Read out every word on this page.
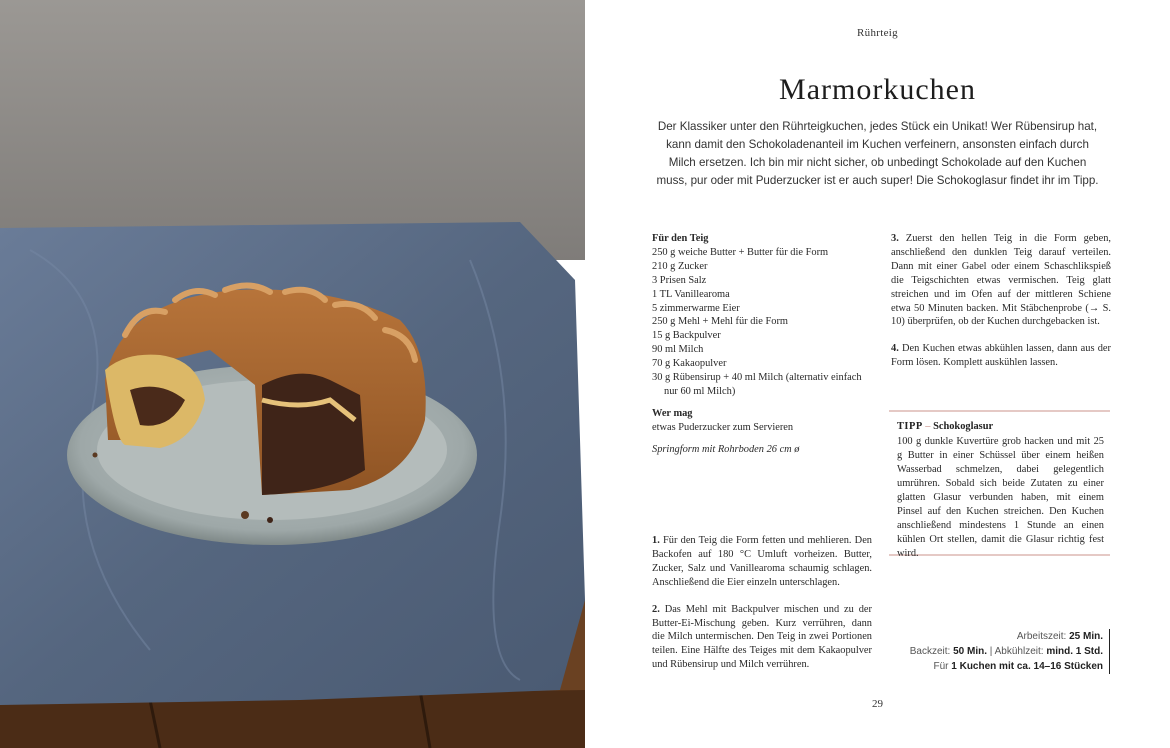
Rührteig
Marmorkuchen

Der Klassiker unter den Rührteigkuchen, jedes Stück ein Unikat! Wer Rübensirup hat, kann damit den Schokoladenanteil im Kuchen verfeinern, ansonsten einfach durch Milch ersetzen. Ich bin mir nicht sicher, ob unbedingt Schokolade auf den Kuchen muss, pur oder mit Puderzucker ist er auch super! Die Schokoglasur findet ihr im Tipp.

Für den Teig
250 g weiche Butter + Butter für die Form
210 g Zucker
3 Prisen Salz
1 TL Vanillearoma
5 zimmerwarme Eier
250 g Mehl + Mehl für die Form
15 g Backpulver
90 ml Milch
70 g Kakaopulver
30 g Rübensirup + 40 ml Milch (alternativ einfach nur 60 ml Milch)
Wer mag
etwas Puderzucker zum Servieren
Springform mit Rohrboden 26 cm ø

1. Für den Teig die Form fetten und mehlieren. Den Backofen auf 180 °C Umluft vorheizen. Butter, Zucker, Salz und Vanillearoma schaumig schlagen. Anschließend die Eier einzeln unterschlagen.

2. Das Mehl mit Backpulver mischen und zu der Butter-Ei-Mischung geben. Kurz verrühren, dann die Milch untermischen. Den Teig in zwei Portionen teilen. Eine Hälfte des Teiges mit dem Kakaopulver und Rübensirup und Milch verrühren.

3. Zuerst den hellen Teig in die Form geben, anschließend den dunklen Teig darauf verteilen. Dann mit einer Gabel oder einem Schaschlikspieß die Teigschichten etwas vermischen. Teig glatt streichen und im Ofen auf der mittleren Schiene etwa 50 Minuten backen. Mit Stäbchenprobe (→ S. 10) überprüfen, ob der Kuchen durchgebacken ist.

4. Den Kuchen etwas abkühlen lassen, dann aus der Form lösen. Komplett auskühlen lassen.

TIPP – Schokoglasur

100 g dunkle Kuvertüre grob hacken und mit 25 g Butter in einer Schüssel über einem heißen Wasserbad schmelzen, dabei gelegentlich umrühren. Sobald sich beide Zutaten zu einer glatten Glasur verbunden haben, mit einem Pinsel auf den Kuchen streichen. Den Kuchen anschließend mindestens 1 Stunde an einen kühlen Ort stellen, damit die Glasur richtig fest wird.

Arbeitszeit: 25 Min.
Backzeit: 50 Min. | Abkühlzeit: mind. 1 Std.
Für 1 Kuchen mit ca. 14–16 Stücken
29
